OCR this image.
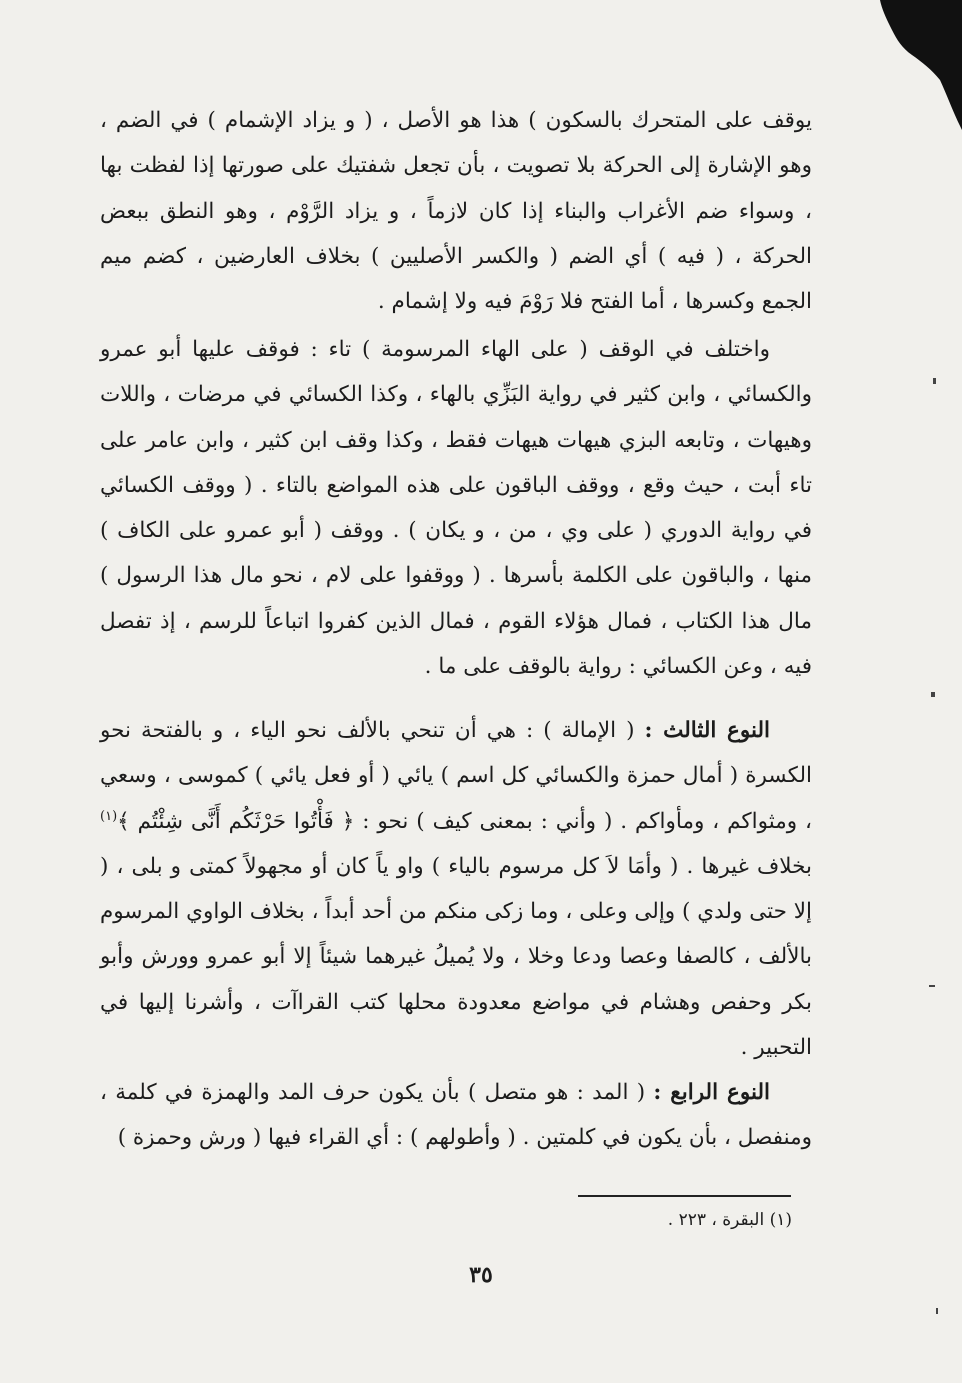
يوقف على المتحرك بالسكون ) هذا هو الأصل ، ( و يزاد الإشمام ) في الضم ، وهو الإشارة إلى الحركة بلا تصويت ، بأن تجعل شفتيك على صورتها إذا لفظت بها ، وسواء ضم الأغراب والبناء إذا كان لازماً ، و يزاد الرَّوْم ، وهو النطق ببعض الحركة ، ( فيه ) أي الضم ( والكسر الأصليين ) بخلاف العارضين ، كضم ميم الجمع وكسرها ، أما الفتح فلا رَوْمَ فيه ولا إشمام .

واختلف في الوقف ( على الهاء المرسومة ) تاء : فوقف عليها أبو عمرو والكسائي ، وابن كثير في رواية البَزِّي بالهاء ، وكذا الكسائي في مرضات ، واللات وهيهات ، وتابعه البزي هيهات هيهات فقط ، وكذا وقف ابن كثير ، وابن عامر على تاء أبت ، حيث وقع ، ووقف الباقون على هذه المواضع بالتاء . ( ووقف الكسائي في رواية الدوري ( على وي ، من ، و يكان ) . ووقف ( أبو عمرو على الكاف ) منها ، والباقون على الكلمة بأسرها . ( ووقفوا على لام ، نحو مال هذا الرسول ) مال هذا الكتاب ، فمال هؤلاء القوم ، فمال الذين كفروا اتباعاً للرسم ، إذ تفصل فيه ، وعن الكسائي : رواية بالوقف على ما .

النوع الثالث : ( الإمالة ) : هي أن تنحي بالألف نحو الياء ، و بالفتحة نحو الكسرة ( أمال حمزة والكسائي كل اسم ) يائي ( أو فعل يائي ) كموسى ، وسعي ، ومثواكم ، ومأواكم . ( وأني : بمعنى كيف ) نحو : ﴿ فَأْتُوا حَرْثَكُم أَنَّى شِئْتُم ﴾$^{(١)}$ بخلاف غيرها . ( وأمَا لاَ كل مرسوم بالياء ) واو ياً كان أو مجهولاً كمتى و بلى ، ( إلا حتى ولدي ) وإلى وعلى ، وما زكى منكم من أحد أبداً ، بخلاف الواوي المرسوم بالألف ، كالصفا وعصا ودعا وخلا ، ولا يُميلُ غيرهما شيئاً إلا أبو عمرو وورش وأبو بكر وحفص وهشام في مواضع معدودة محلها كتب القراآت ، وأشرنا إليها في التحبير .

النوع الرابع : ( المد : هو متصل ) بأن يكون حرف المد والهمزة في كلمة ، ومنفصل ، بأن يكون في كلمتين . ( وأطولهم ) : أي القراء فيها ( ورش وحمزة )

(١) البقرة ، ٢٢٣ .
٣٥
